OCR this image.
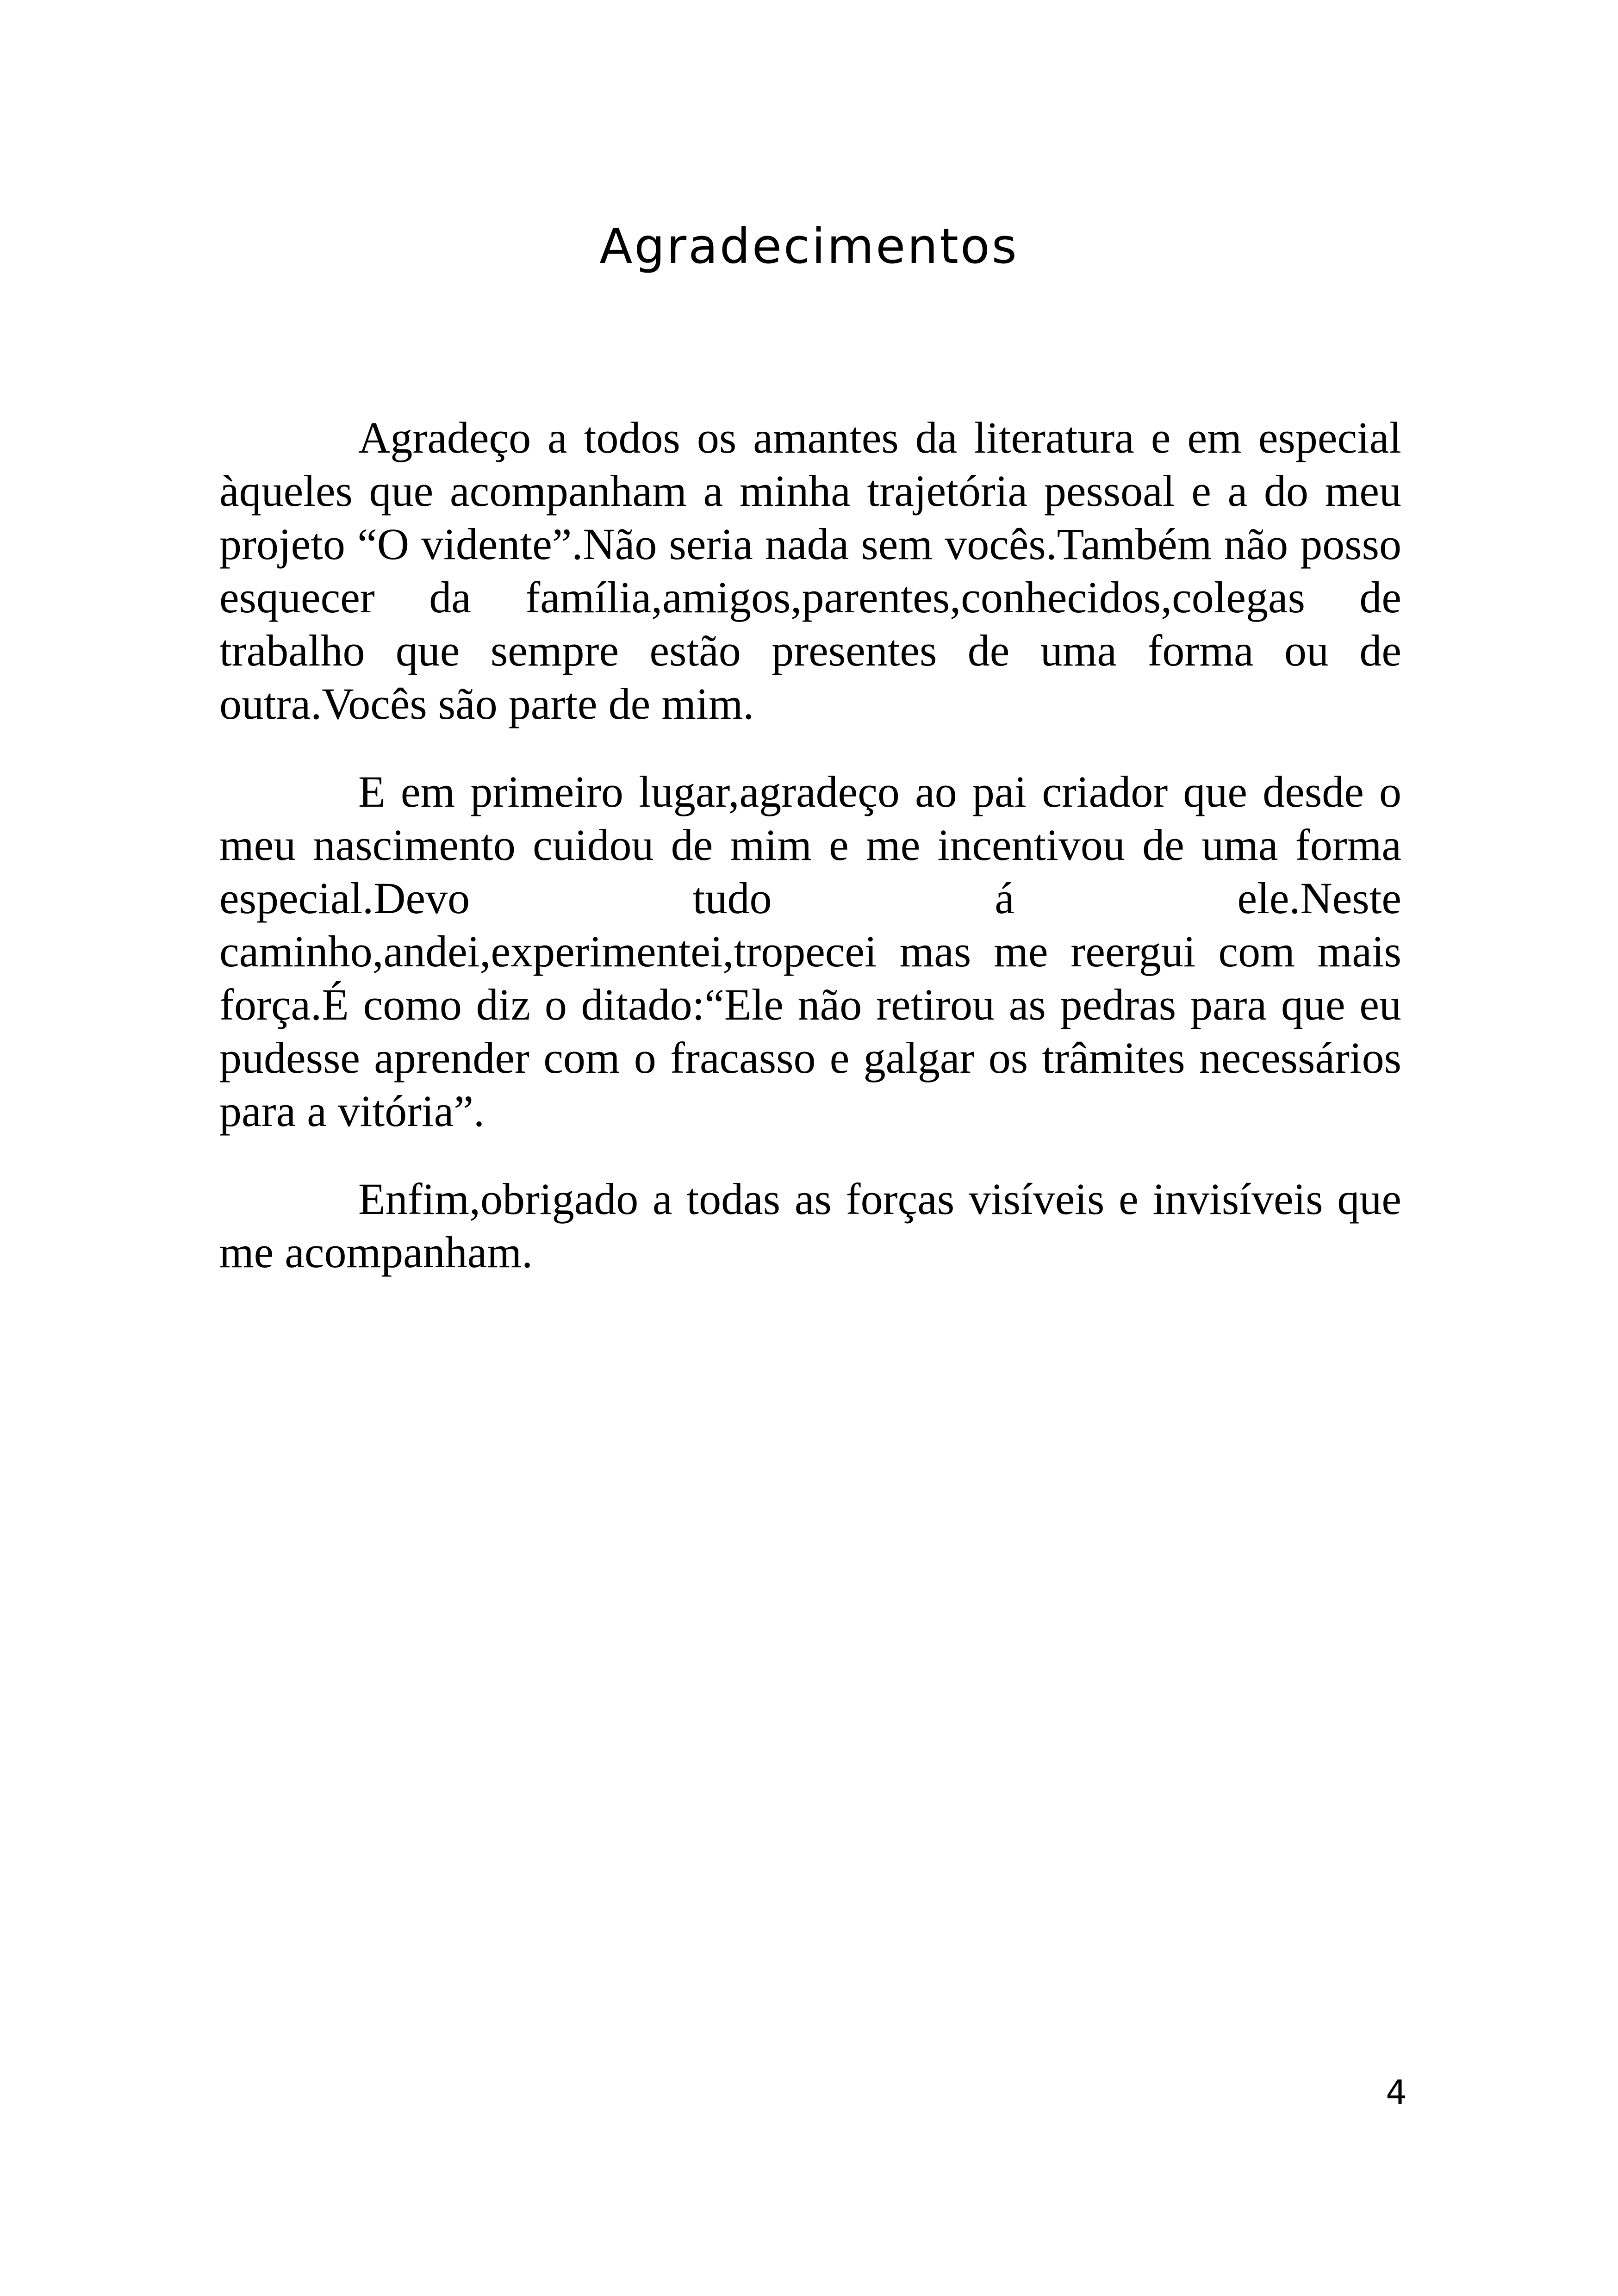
Agradecimentos

Agradeço a todos os amantes da literatura e em especial àqueles que acompanham a minha trajetória pessoal e a do meu projeto “O vidente”.Não seria nada sem vocês.Também não posso esquecer da família,amigos,parentes,conhecidos,colegas de trabalho que sempre estão presentes de uma forma ou de outra.Vocês são parte de mim.

E em primeiro lugar,agradeço ao pai criador que desde o meu nascimento cuidou de mim e me incentivou de uma forma especial.Devo tudo á ele.Neste caminho,andei,experimentei,tropecei mas me reergui com mais força.É como diz o ditado:“Ele não retirou as pedras para que eu pudesse aprender com o fracasso e galgar os trâmites necessários para a vitória”.

Enfim,obrigado a todas as forças visíveis e invisíveis que me acompanham.

4
